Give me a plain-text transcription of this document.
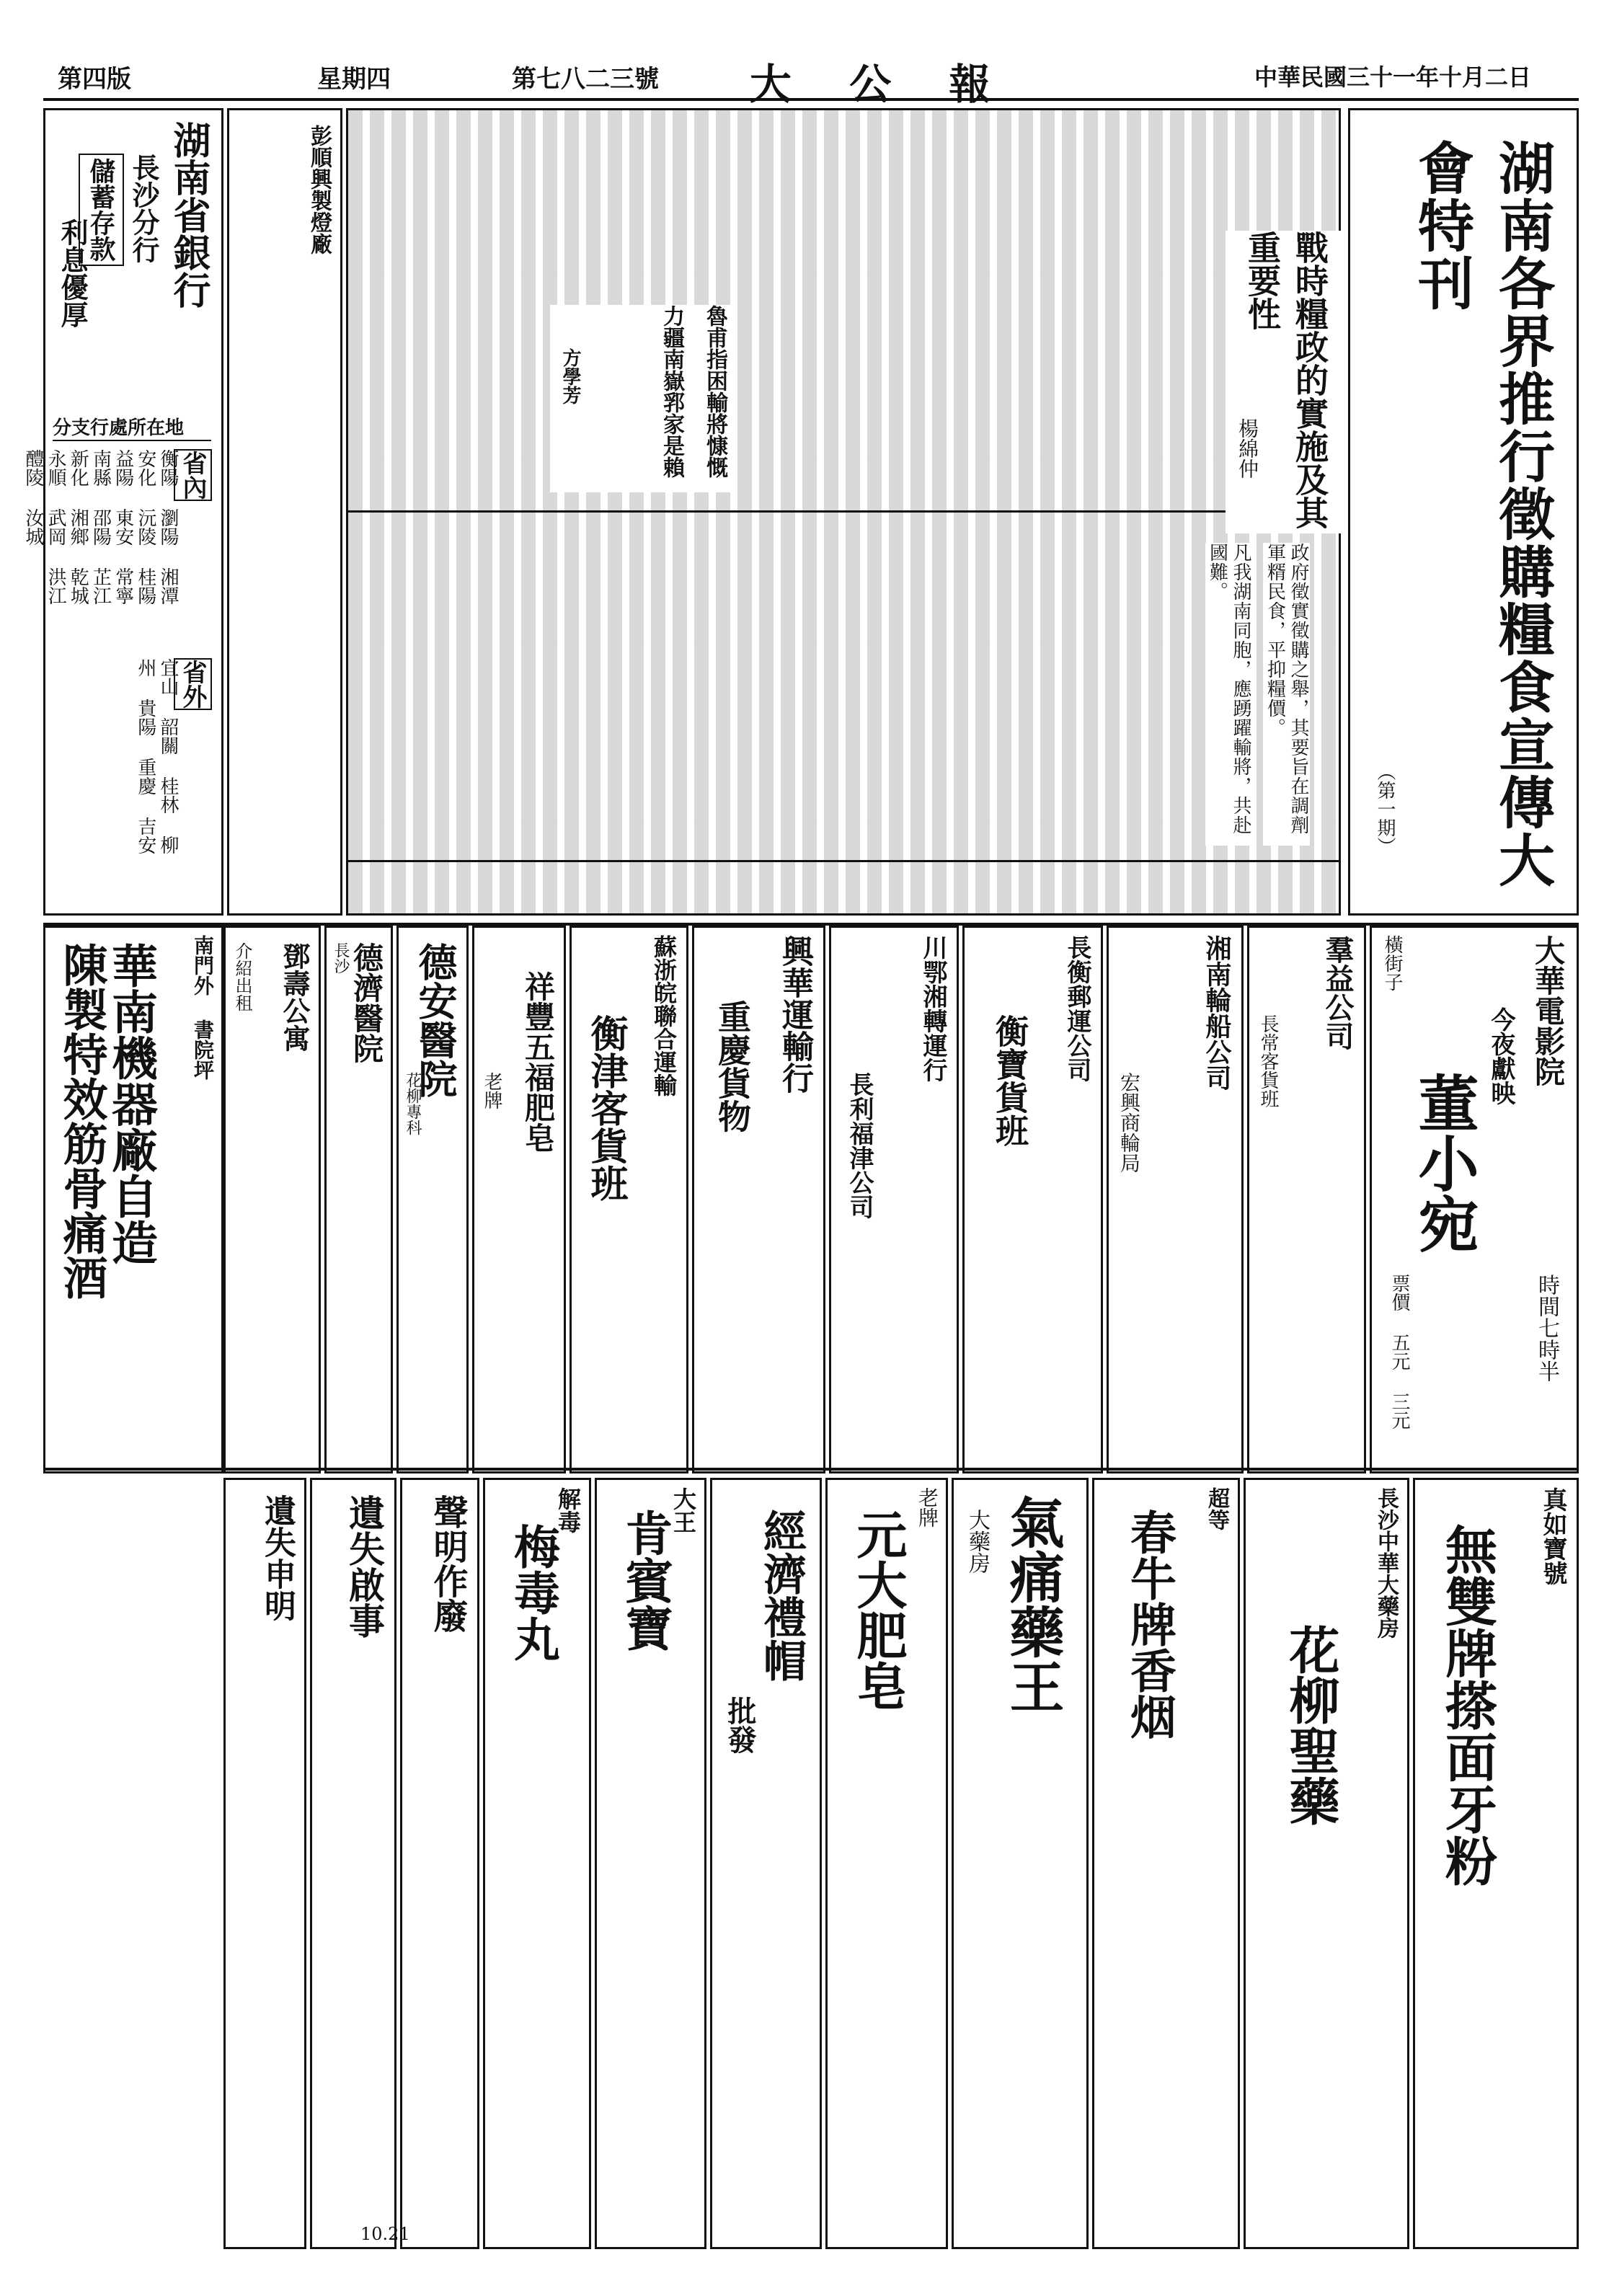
第四版	星期四	第七八二三號 大 公 報	中華民國三十一年十月二日
湖南省銀行
長沙分行
儲蓄存款
利息優厚
分支行處所在地
省內
衡陽 瀏陽 湘潭 安化 沅陵 桂陽 益陽 東安 常寧 南縣 邵陽 芷江 新化 湘鄉 乾城 永順 武岡 洪江 醴陵 汝城
省外
宜山 韶關 桂林 柳州 貴陽 重慶 吉安
彭順興製燈廠
政府徵實徵購之舉，其要旨在調劑軍糈民食，平抑糧價。
凡我湖南同胞，應踴躍輸將，共赴國難。
魯甫指困輸將慷慨
力疆南嶽郛家是賴
方學芳	戰時糧政的實施及其重要性
楊綿仲	湖南各界推行徵購糧食宣傳大會特刊
（第一期）
大華電影院
橫街子
今夜獻映
董小宛
時間七時半
票價 五元 三元
羣益公司
長常客貨班
湘南輪船公司
宏興商輪局
長衡郵運公司
衡寶貨班
川鄂湘轉運行
長利福津公司
興華運輸行
重慶貨物
蘇浙皖聯合運輸
衡津客貨班
祥豐五福肥皂
老牌
德安醫院
花柳專科
德濟醫院
長沙
鄧壽公寓
介紹出租
南門外 書院坪
華南機器廠自造
陳製特效筋骨痛酒
真如寶號
無雙牌搽面牙粉
長沙中華大藥房
花柳聖藥
超等
春牛牌香烟
氣痛藥王
大藥房
老牌
元大肥皂
經濟禮帽
批發
大王
肯賓寶
解毒
梅毒丸
聲明作廢
遺失啟事
遺失申明
10.21
